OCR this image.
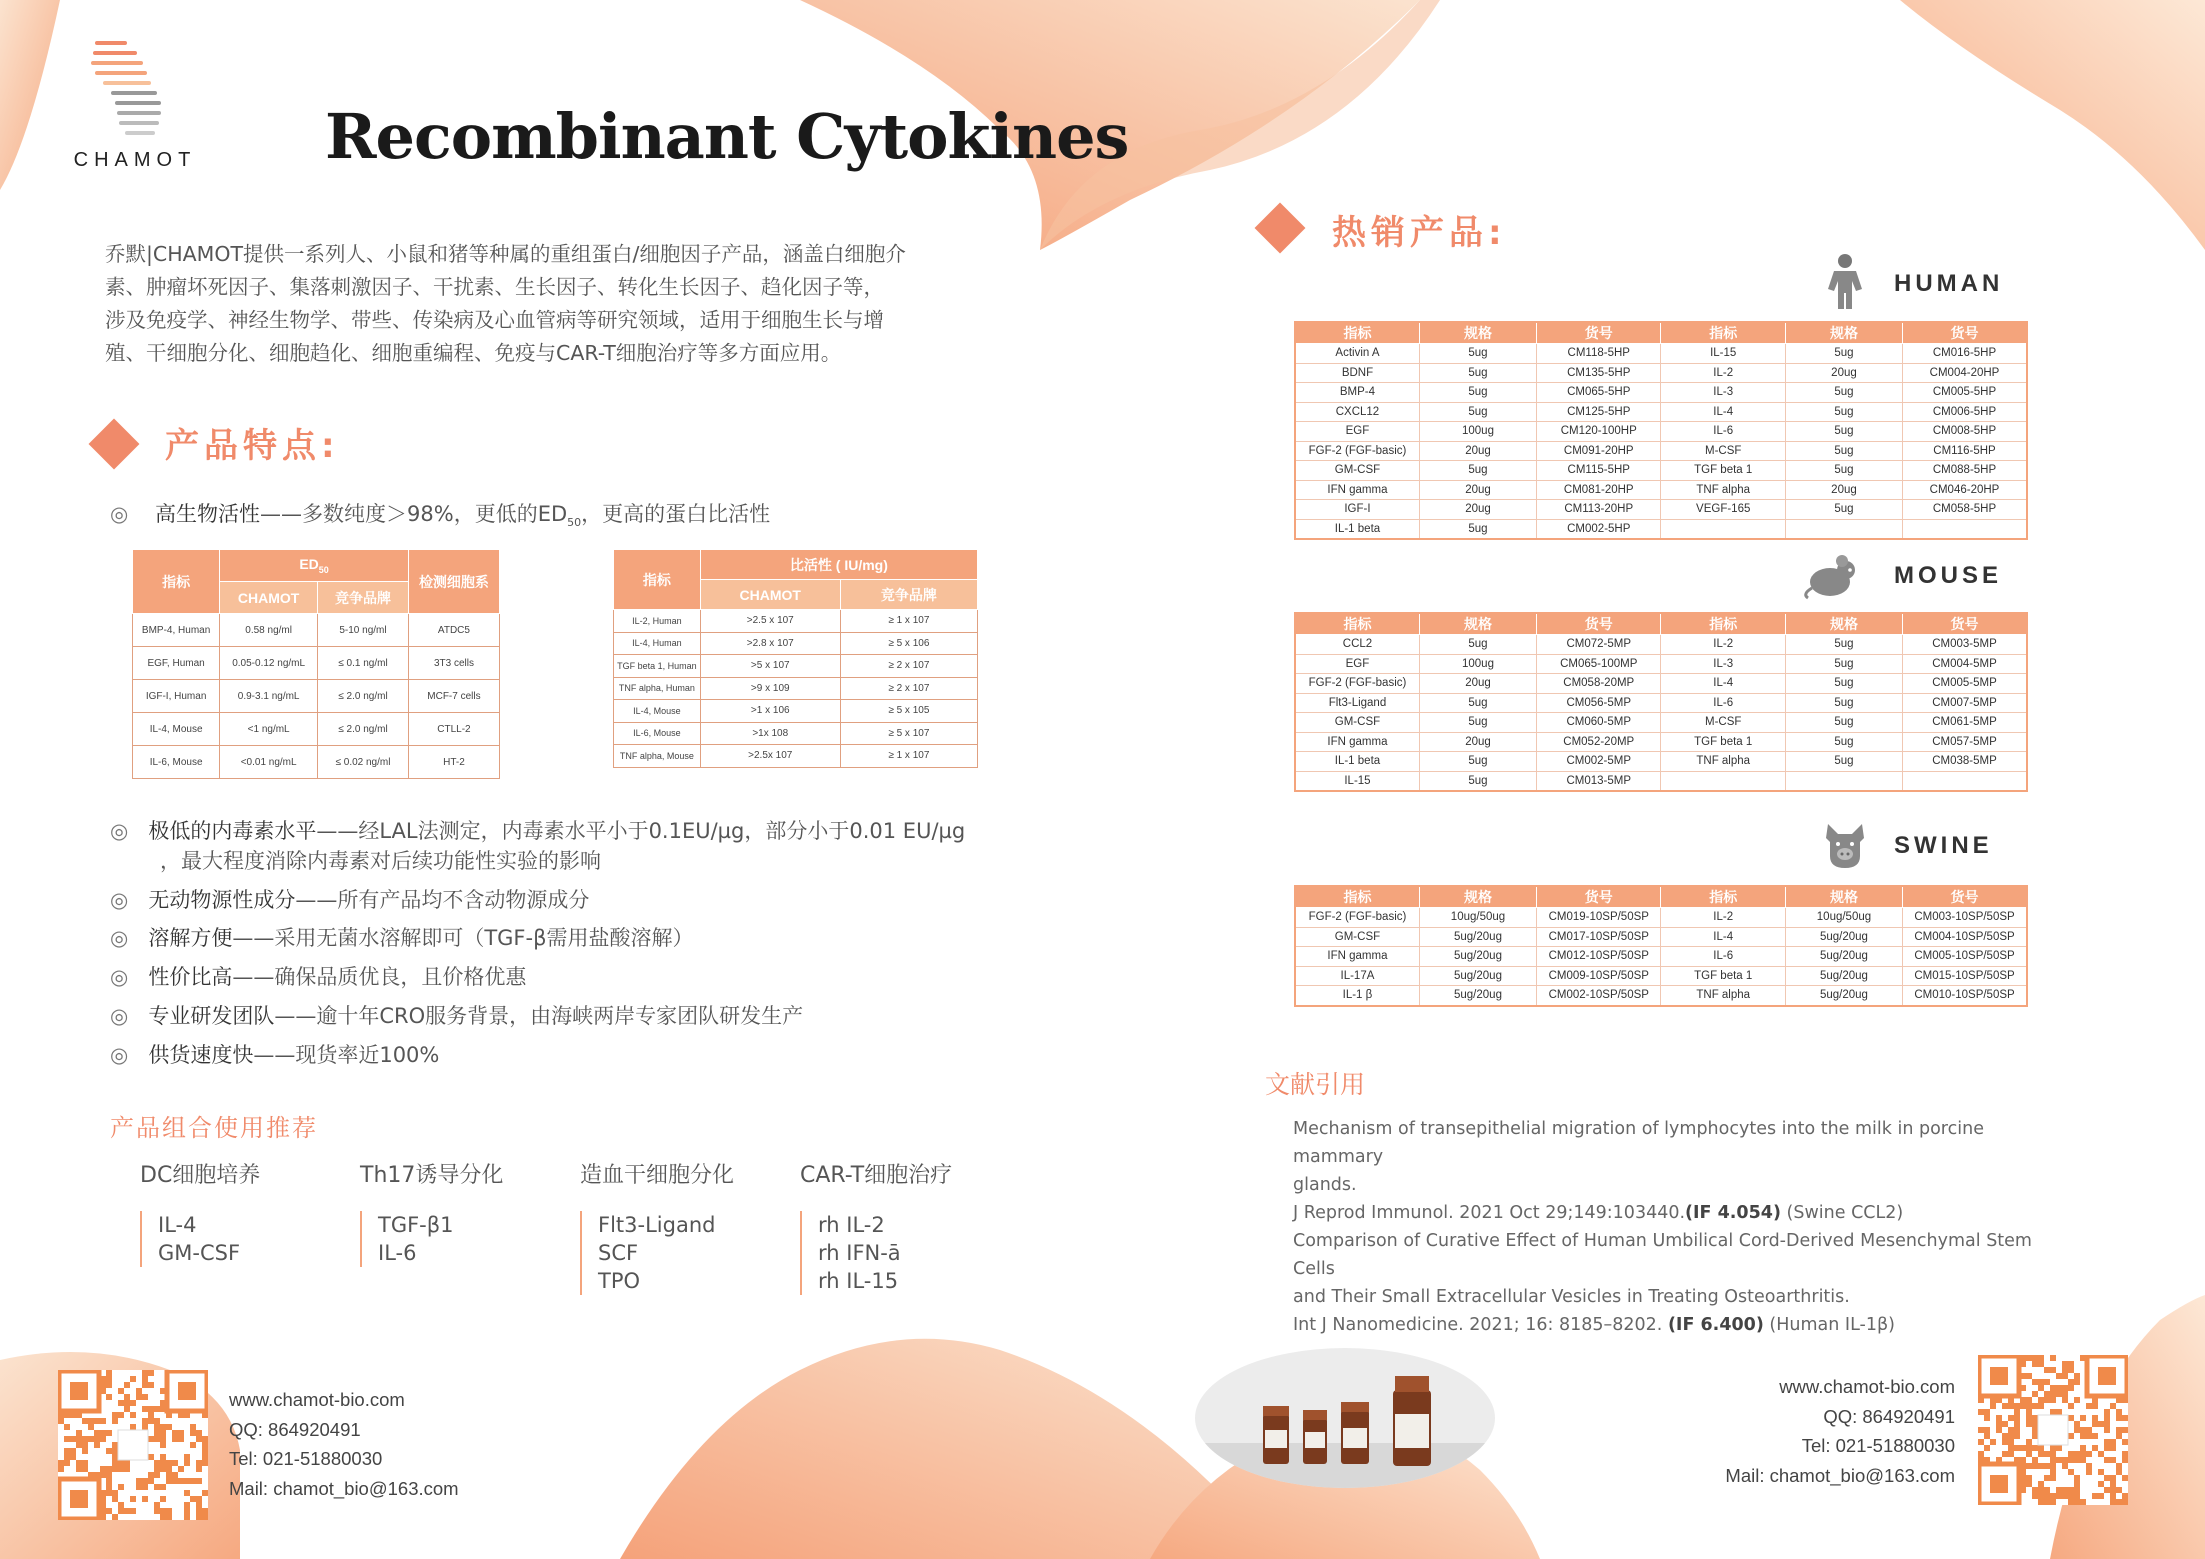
CHAMOT	Recombinant Cytokines
乔默|CHAMOT提供一系列人、小鼠和猪等种属的重组蛋白/细胞因子产品，涵盖白细胞介
素、肿瘤坏死因子、集落刺激因子、干扰素、生长因子、转化生长因子、趋化因子等，
涉及免疫学、神经生物学、带些、传染病及心血管病等研究领域，适用于细胞生长与增
殖、干细胞分化、细胞趋化、细胞重编程、免疫与CAR-T细胞治疗等多方面应用。
产品特点:
◎ 高生物活性——多数纯度＞98%，更低的$ED_{50}$，更高的蛋白比活性
指标	$ED_{50}$		检测细胞系
	CHAMOT	竞争品牌	
BMP-4, Human	0.58 ng/ml	5-10 ng/ml	ATDC5
EGF, Human	0.05-0.12 ng/mL	≤ 0.1 ng/ml	3T3 cells
IGF-I, Human	0.9-3.1 ng/mL	≤ 2.0 ng/ml	MCF-7 cells
IL-4, Mouse	<1 ng/mL	≤ 2.0 ng/ml	CTLL-2
IL-6, Mouse	<0.01 ng/mL	≤ 0.02 ng/ml	HT-2
指标	比活性 ( IU/mg)	
	CHAMOT	竞争品牌
IL-2, Human	>2.5 x 107	≥ 1 x 107
IL-4, Human	>2.8 x 107	≥ 5 x 106
TGF beta 1, Human	>5 x 107	≥ 2 x 107
TNF alpha, Human	>9 x 109	≥ 2 x 107
IL-4, Mouse	>1 x 106	≥ 5 x 105
IL-6, Mouse	>1x 108	≥ 5 x 107
TNF alpha, Mouse	>2.5x 107	≥ 1 x 107
◎ 极低的内毒素水平——经LAL法测定，内毒素水平小于0.1EU/µg，部分小于0.01 EU/µg
，最大程度消除内毒素对后续功能性实验的影响
◎ 无动物源性成分——所有产品均不含动物源成分
◎ 溶解方便——采用无菌水溶解即可（TGF-β需用盐酸溶解）
◎ 性价比高——确保品质优良，且价格优惠
◎ 专业研发团队——逾十年CRO服务背景，由海峡两岸专家团队研发生产
◎ 供货速度快——现货率近100%
产品组合使用推荐
DC细胞培养
IL-4
GM-CSF
Th17诱导分化
TGF-β1
IL-6
造血干细胞分化
Flt3-Ligand
SCF
TPO
CAR-T细胞治疗
rh IL-2
rh IFN-ā
rh IL-15
www.chamot-bio.com
QQ: 864920491
Tel: 021-51880030
Mail: chamot_bio@163.com
热销产品:
HUMAN
指标	规格	货号	指标	规格	货号
Activin A	5ug	CM118-5HP	IL-15	5ug	CM016-5HP
BDNF	5ug	CM135-5HP	IL-2	20ug	CM004-20HP
BMP-4	5ug	CM065-5HP	IL-3	5ug	CM005-5HP
CXCL12	5ug	CM125-5HP	IL-4	5ug	CM006-5HP
EGF	100ug	CM120-100HP	IL-6	5ug	CM008-5HP
FGF-2 (FGF-basic)	20ug	CM091-20HP	M-CSF	5ug	CM116-5HP
GM-CSF	5ug	CM115-5HP	TGF beta 1	5ug	CM088-5HP
IFN gamma	20ug	CM081-20HP	TNF alpha	20ug	CM046-20HP
IGF-I	20ug	CM113-20HP	VEGF-165	5ug	CM058-5HP
IL-1 beta	5ug	CM002-5HP			
MOUSE
指标	规格	货号	指标	规格	货号
CCL2	5ug	CM072-5MP	IL-2	5ug	CM003-5MP
EGF	100ug	CM065-100MP	IL-3	5ug	CM004-5MP
FGF-2 (FGF-basic)	20ug	CM058-20MP	IL-4	5ug	CM005-5MP
Flt3-Ligand	5ug	CM056-5MP	IL-6	5ug	CM007-5MP
GM-CSF	5ug	CM060-5MP	M-CSF	5ug	CM061-5MP
IFN gamma	20ug	CM052-20MP	TGF beta 1	5ug	CM057-5MP
IL-1 beta	5ug	CM002-5MP	TNF alpha	5ug	CM038-5MP
IL-15	5ug	CM013-5MP			
SWINE
指标	规格	货号	指标	规格	货号
FGF-2 (FGF-basic)	10ug/50ug	CM019-10SP/50SP	IL-2	10ug/50ug	CM003-10SP/50SP
GM-CSF	5ug/20ug	CM017-10SP/50SP	IL-4	5ug/20ug	CM004-10SP/50SP
IFN gamma	5ug/20ug	CM012-10SP/50SP	IL-6	5ug/20ug	CM005-10SP/50SP
IL-17A	5ug/20ug	CM009-10SP/50SP	TGF beta 1	5ug/20ug	CM015-10SP/50SP
IL-1 β	5ug/20ug	CM002-10SP/50SP	TNF alpha	5ug/20ug	CM010-10SP/50SP
文献引用
Mechanism of transepithelial migration of lymphocytes into the milk in porcine mammary
glands.
J Reprod Immunol. 2021 Oct 29;149:103440.(IF 4.054) (Swine CCL2)
Comparison of Curative Effect of Human Umbilical Cord-Derived Mesenchymal Stem Cells
and Their Small Extracellular Vesicles in Treating Osteoarthritis.
Int J Nanomedicine. 2021; 16: 8185–8202. (IF 6.400) (Human IL-1β)
www.chamot-bio.com
QQ: 864920491
Tel: 021-51880030
Mail: chamot_bio@163.com
